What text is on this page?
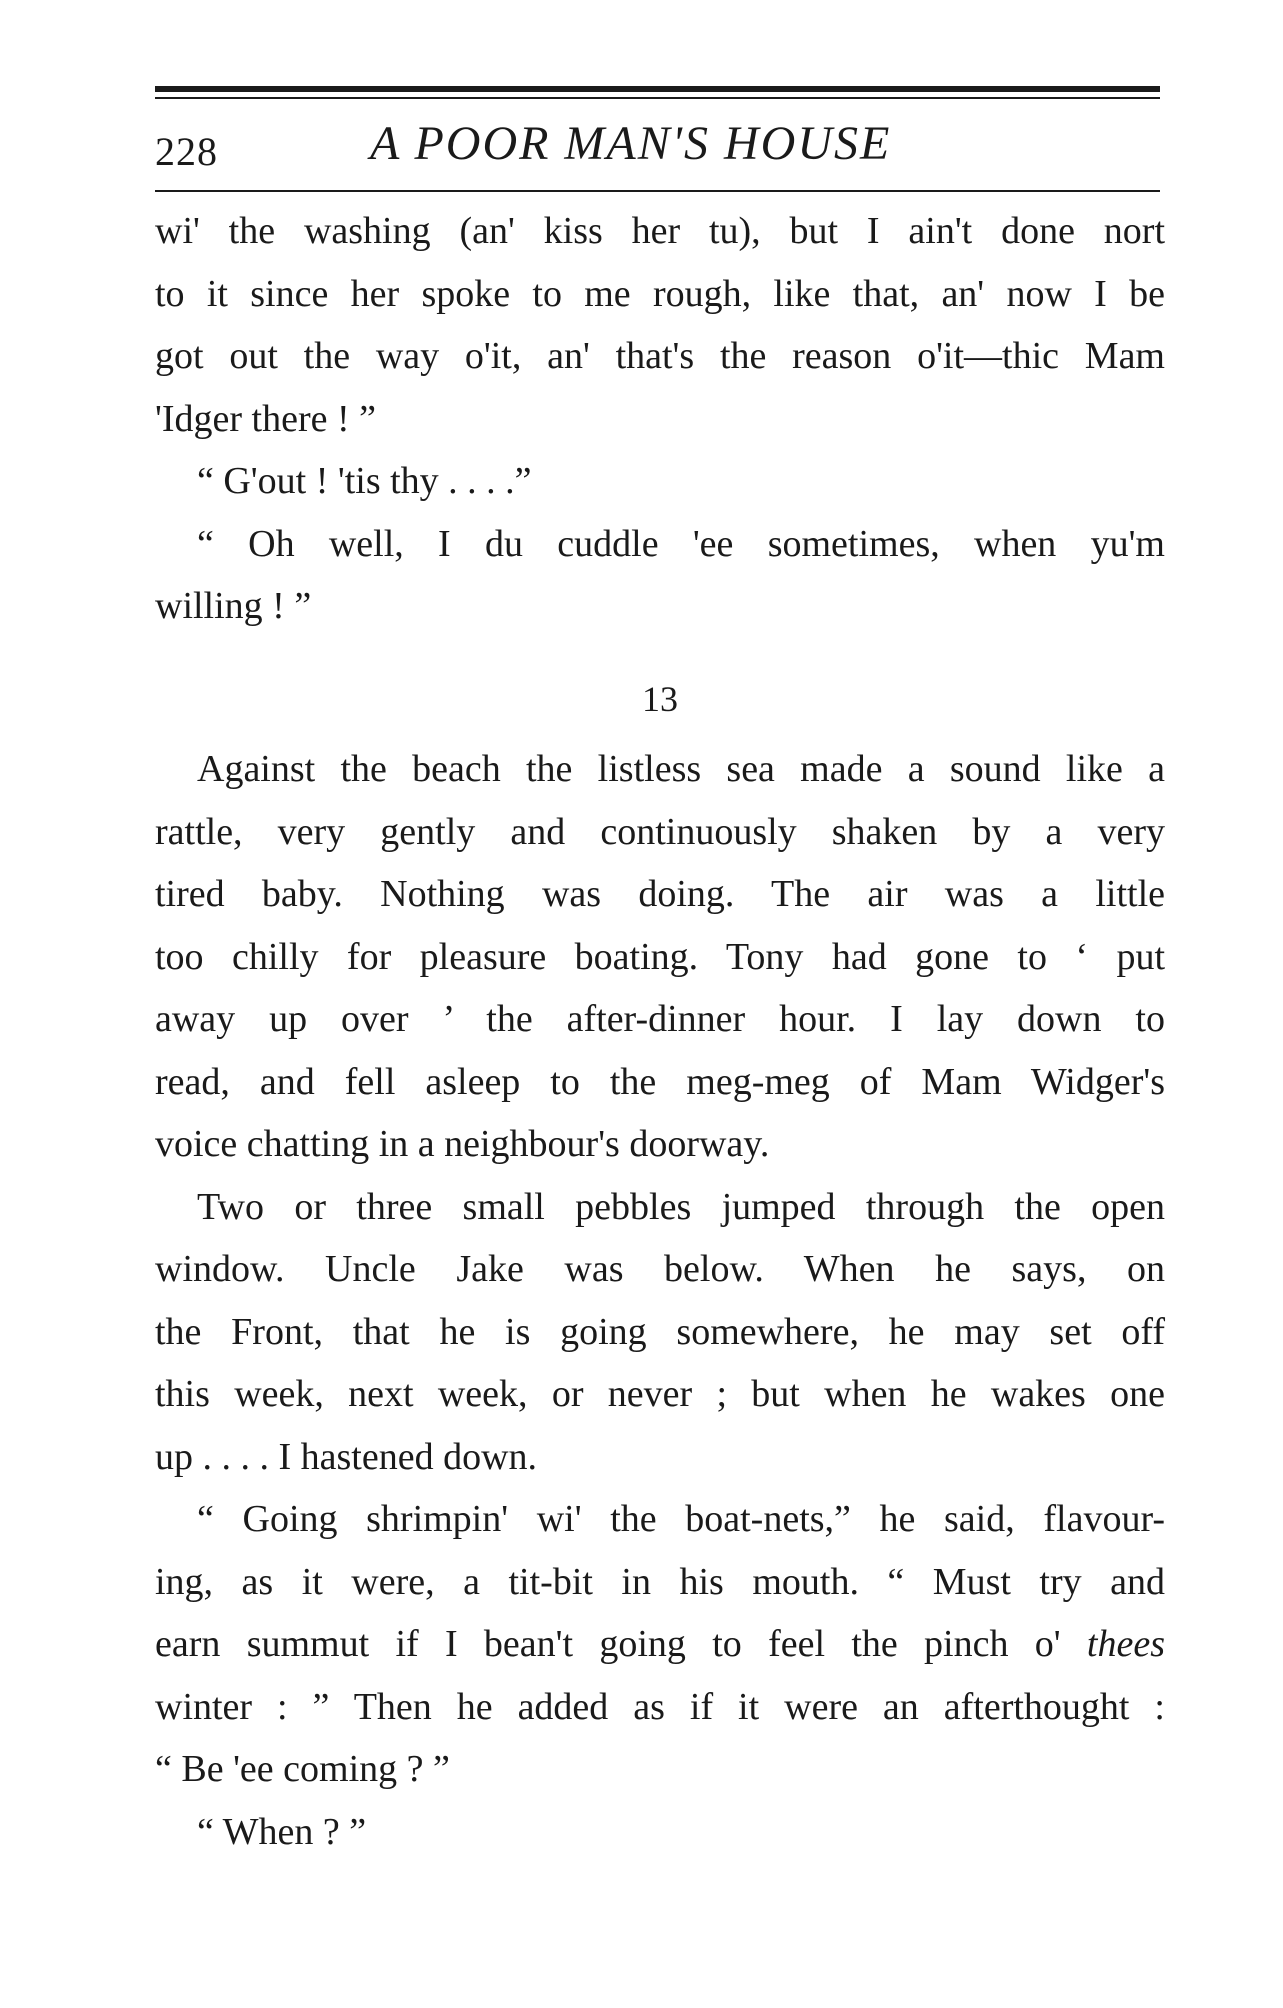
228	A POOR MAN'S HOUSE
wi' the washing (an' kiss her tu), but I ain't done nort
to it since her spoke to me rough, like that, an' now I be
got out the way o'it, an' that's the reason o'it—thic Mam
'Idger there ! ”
“ G'out ! 'tis thy . . . .”
“ Oh well, I du cuddle 'ee sometimes, when yu'm
willing ! ”
13
Against the beach the listless sea made a sound like a
rattle, very gently and continuously shaken by a very
tired baby. Nothing was doing. The air was a little
too chilly for pleasure boating. Tony had gone to ‘ put
away up over ’ the after-dinner hour. I lay down to
read, and fell asleep to the meg-meg of Mam Widger's
voice chatting in a neighbour's doorway.
Two or three small pebbles jumped through the open
window. Uncle Jake was below. When he says, on
the Front, that he is going somewhere, he may set off
this week, next week, or never ; but when he wakes one
up . . . . I hastened down.
“ Going shrimpin' wi' the boat-nets,” he said, flavour-
ing, as it were, a tit-bit in his mouth. “ Must try and
earn summut if I bean't going to feel the pinch o' thees
winter : ” Then he added as if it were an afterthought :
“ Be 'ee coming ? ”
“ When ? ”
